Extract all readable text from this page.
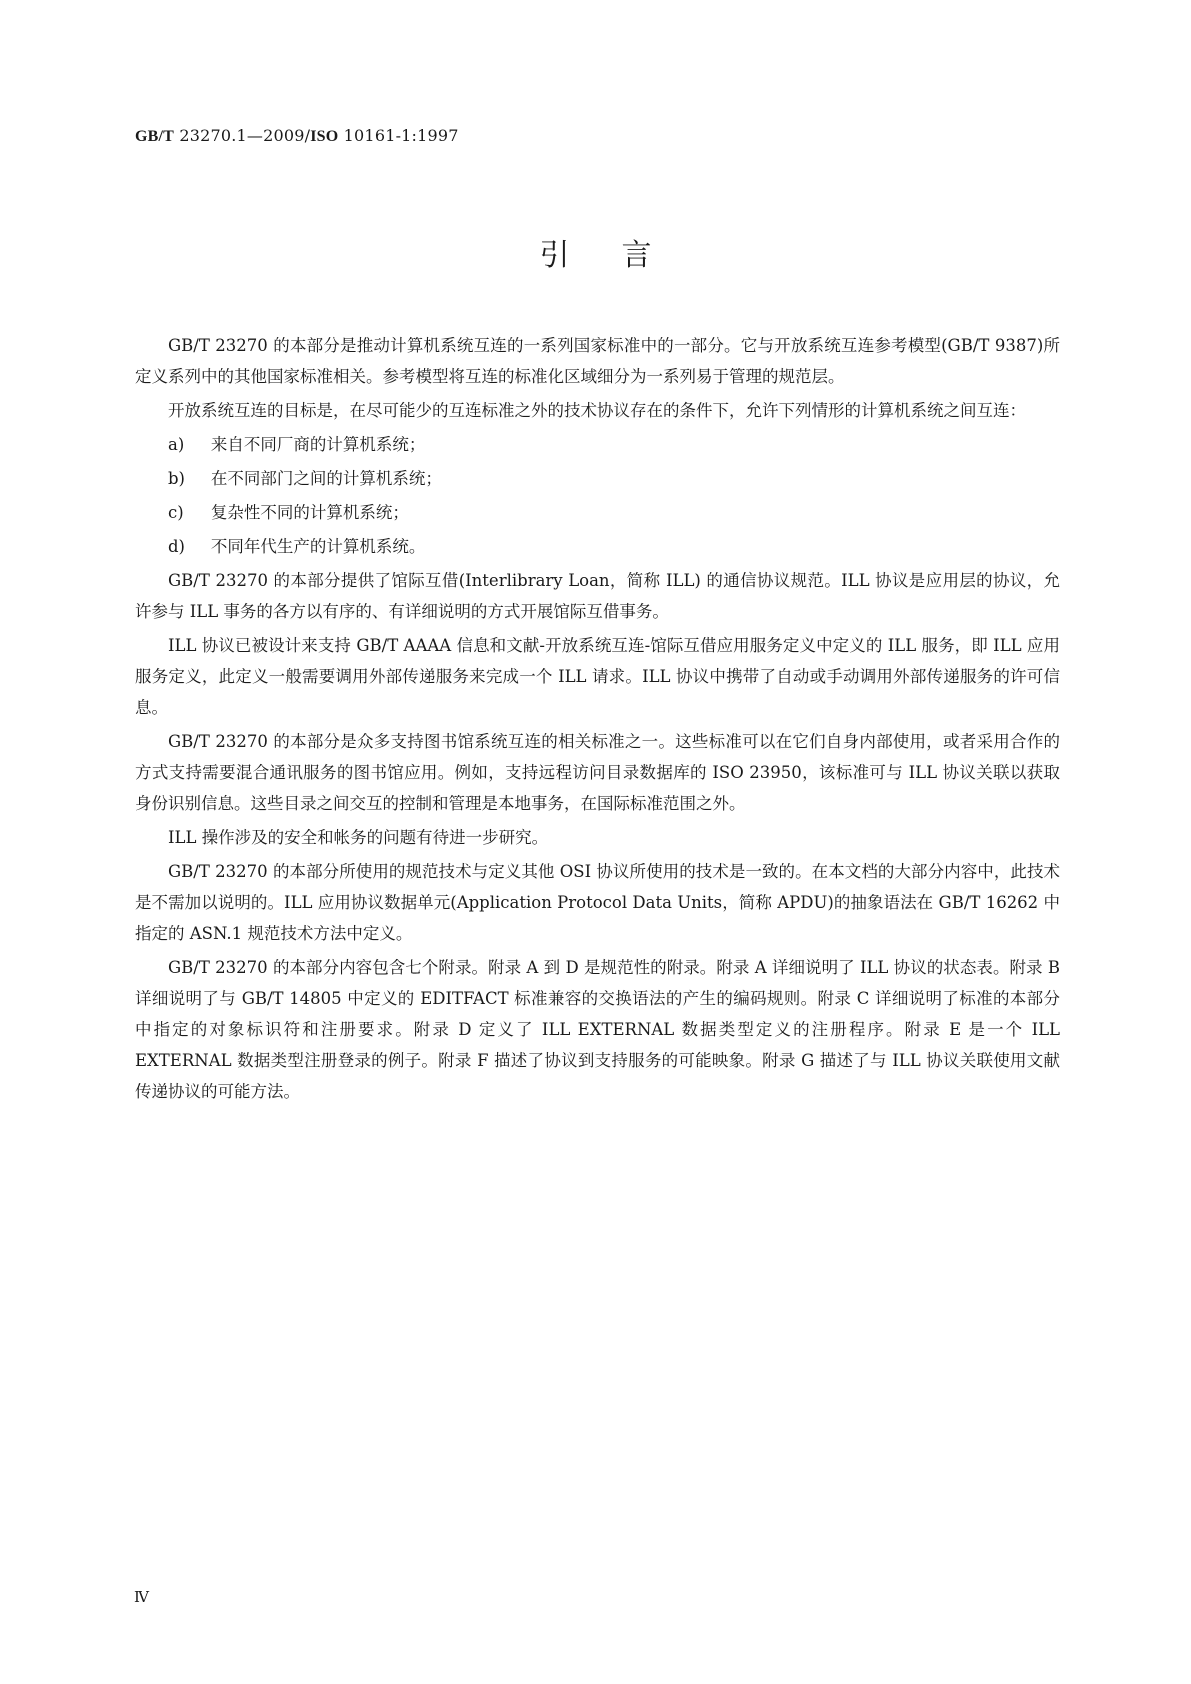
GB/T 23270.1—2009/ISO 10161-1:1997
引言

GB/T 23270 的本部分是推动计算机系统互连的一系列国家标准中的一部分。它与开放系统互连参考模型(GB/T 9387)所定义系列中的其他国家标准相关。参考模型将互连的标准化区域细分为一系列易于管理的规范层。

开放系统互连的目标是，在尽可能少的互连标准之外的技术协议存在的条件下，允许下列情形的计算机系统之间互连：

a) 来自不同厂商的计算机系统；

b) 在不同部门之间的计算机系统；

c) 复杂性不同的计算机系统；

d) 不同年代生产的计算机系统。

GB/T 23270 的本部分提供了馆际互借(Interlibrary Loan，简称 ILL) 的通信协议规范。ILL 协议是应用层的协议，允许参与 ILL 事务的各方以有序的、有详细说明的方式开展馆际互借事务。

ILL 协议已被设计来支持 GB/T AAAA 信息和文献-开放系统互连-馆际互借应用服务定义中定义的 ILL 服务，即 ILL 应用服务定义，此定义一般需要调用外部传递服务来完成一个 ILL 请求。ILL 协议中携带了自动或手动调用外部传递服务的许可信息。

GB/T 23270 的本部分是众多支持图书馆系统互连的相关标准之一。这些标准可以在它们自身内部使用，或者采用合作的方式支持需要混合通讯服务的图书馆应用。例如，支持远程访问目录数据库的 ISO 23950，该标准可与 ILL 协议关联以获取身份识别信息。这些目录之间交互的控制和管理是本地事务，在国际标准范围之外。

ILL 操作涉及的安全和帐务的问题有待进一步研究。

GB/T 23270 的本部分所使用的规范技术与定义其他 OSI 协议所使用的技术是一致的。在本文档的大部分内容中，此技术是不需加以说明的。ILL 应用协议数据单元(Application Protocol Data Units，简称 APDU)的抽象语法在 GB/T 16262 中指定的 ASN.1 规范技术方法中定义。

GB/T 23270 的本部分内容包含七个附录。附录 A 到 D 是规范性的附录。附录 A 详细说明了 ILL 协议的状态表。附录 B 详细说明了与 GB/T 14805 中定义的 EDITFACT 标准兼容的交换语法的产生的编码规则。附录 C 详细说明了标准的本部分中指定的对象标识符和注册要求。附录 D 定义了 ILL EXTERNAL 数据类型定义的注册程序。附录 E 是一个 ILL EXTERNAL 数据类型注册登录的例子。附录 F 描述了协议到支持服务的可能映象。附录 G 描述了与 ILL 协议关联使用文献传递协议的可能方法。

Ⅳ
